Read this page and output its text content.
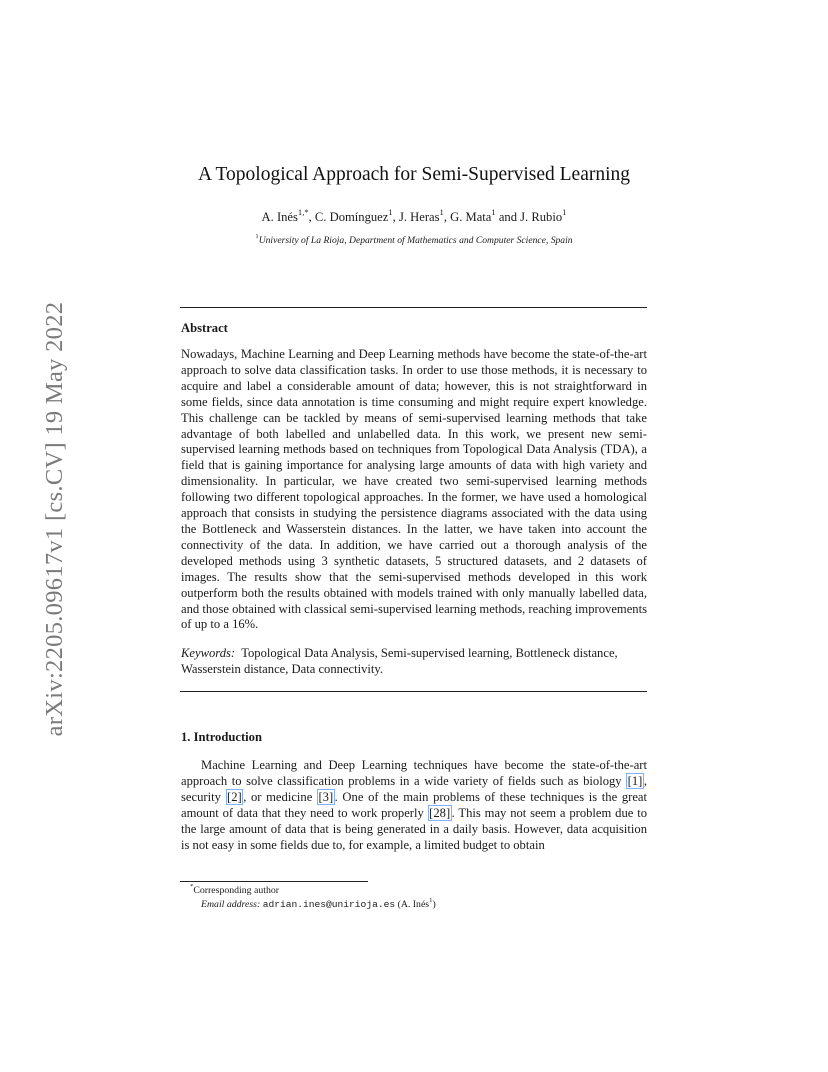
arXiv:2205.09617v1 [cs.CV] 19 May 2022
A Topological Approach for Semi-Supervised Learning
A. Inés$^{1,*}$, C. Domínguez$^1$, J. Heras$^1$, G. Mata$^1$ and J. Rubio$^1$
$^1$University of La Rioja, Department of Mathematics and Computer Science, Spain
Abstract
Nowadays, Machine Learning and Deep Learning methods have become the state-of-the-art approach to solve data classification tasks. In order to use those methods, it is necessary to acquire and label a considerable amount of data; however, this is not straightforward in some fields, since data annotation is time consuming and might require expert knowledge. This challenge can be tackled by means of semi-supervised learning methods that take advantage of both labelled and unlabelled data. In this work, we present new semi-supervised learning methods based on techniques from Topological Data Analysis (TDA), a field that is gaining importance for analysing large amounts of data with high variety and dimensionality. In particular, we have created two semi-supervised learning methods following two different topological approaches. In the former, we have used a homological approach that consists in studying the persistence diagrams associated with the data using the Bottleneck and Wasserstein distances. In the latter, we have taken into account the connectivity of the data. In addition, we have carried out a thorough analysis of the developed methods using 3 synthetic datasets, 5 structured datasets, and 2 datasets of images. The results show that the semi-supervised methods developed in this work outperform both the results obtained with models trained with only manually labelled data, and those obtained with classical semi-supervised learning methods, reaching improvements of up to a 16%.
Keywords: Topological Data Analysis, Semi-supervised learning, Bottleneck distance, Wasserstein distance, Data connectivity.
1. Introduction
Machine Learning and Deep Learning techniques have become the state-of-the-art approach to solve classification problems in a wide variety of fields such as biology [1] , security [2] , or medicine [3] . One of the main problems of these techniques is the great amount of data that they need to work properly [28] . This may not seem a problem due to the large amount of data that is being generated in a daily basis. However, data acquisition is not easy in some fields due to, for example, a limited budget to obtain
*Corresponding author
Email address: adrian.ines@unirioja.es (A. Inés$^1$)
